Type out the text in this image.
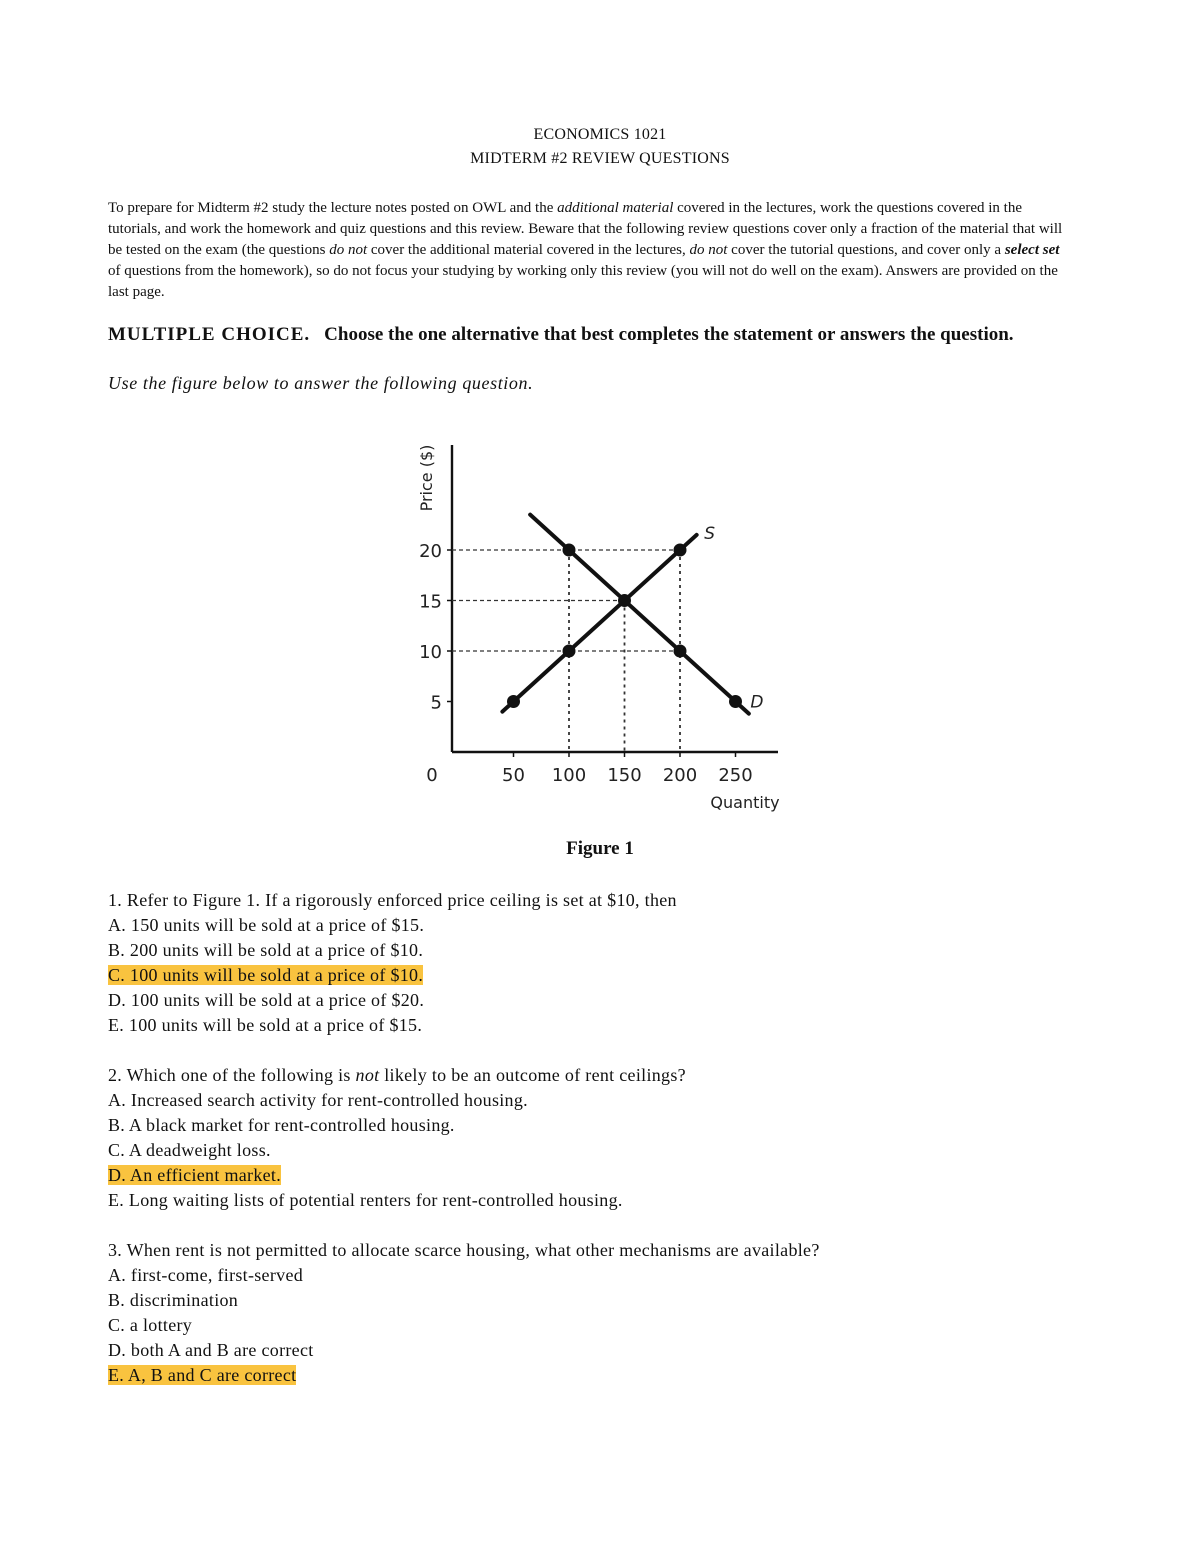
ECONOMICS 1021
MIDTERM #2 REVIEW QUESTIONS

To prepare for Midterm #2 study the lecture notes posted on OWL and the additional material covered in the lectures, work the questions covered in the tutorials, and work the homework and quiz questions and this review. Beware that the following review questions cover only a fraction of the material that will be tested on the exam (the questions do not cover the additional material covered in the lectures, do not cover the tutorial questions, and cover only a select set of questions from the homework), so do not focus your studying by working only this review (you will not do well on the exam). Answers are provided on the last page.

MULTIPLE CHOICE. Choose the one alternative that best completes the statement or answers the question.
Use the figure below to answer the following question.
5
10
15
20
50 100 150 200 250
0
Quantity
Price ($)
S
D
Figure 1
1. Refer to Figure 1. If a rigorously enforced price ceiling is set at $10, then
A. 150 units will be sold at a price of $15.
B. 200 units will be sold at a price of $10.
C. 100 units will be sold at a price of $10.
D. 100 units will be sold at a price of $20.
E. 100 units will be sold at a price of $15.
2. Which one of the following is not likely to be an outcome of rent ceilings?
A. Increased search activity for rent-controlled housing.
B. A black market for rent-controlled housing.
C. A deadweight loss.
D. An efficient market.
E. Long waiting lists of potential renters for rent-controlled housing.
3. When rent is not permitted to allocate scarce housing, what other mechanisms are available?
A. first-come, first-served
B. discrimination
C. a lottery
D. both A and B are correct
E. A, B and C are correct
